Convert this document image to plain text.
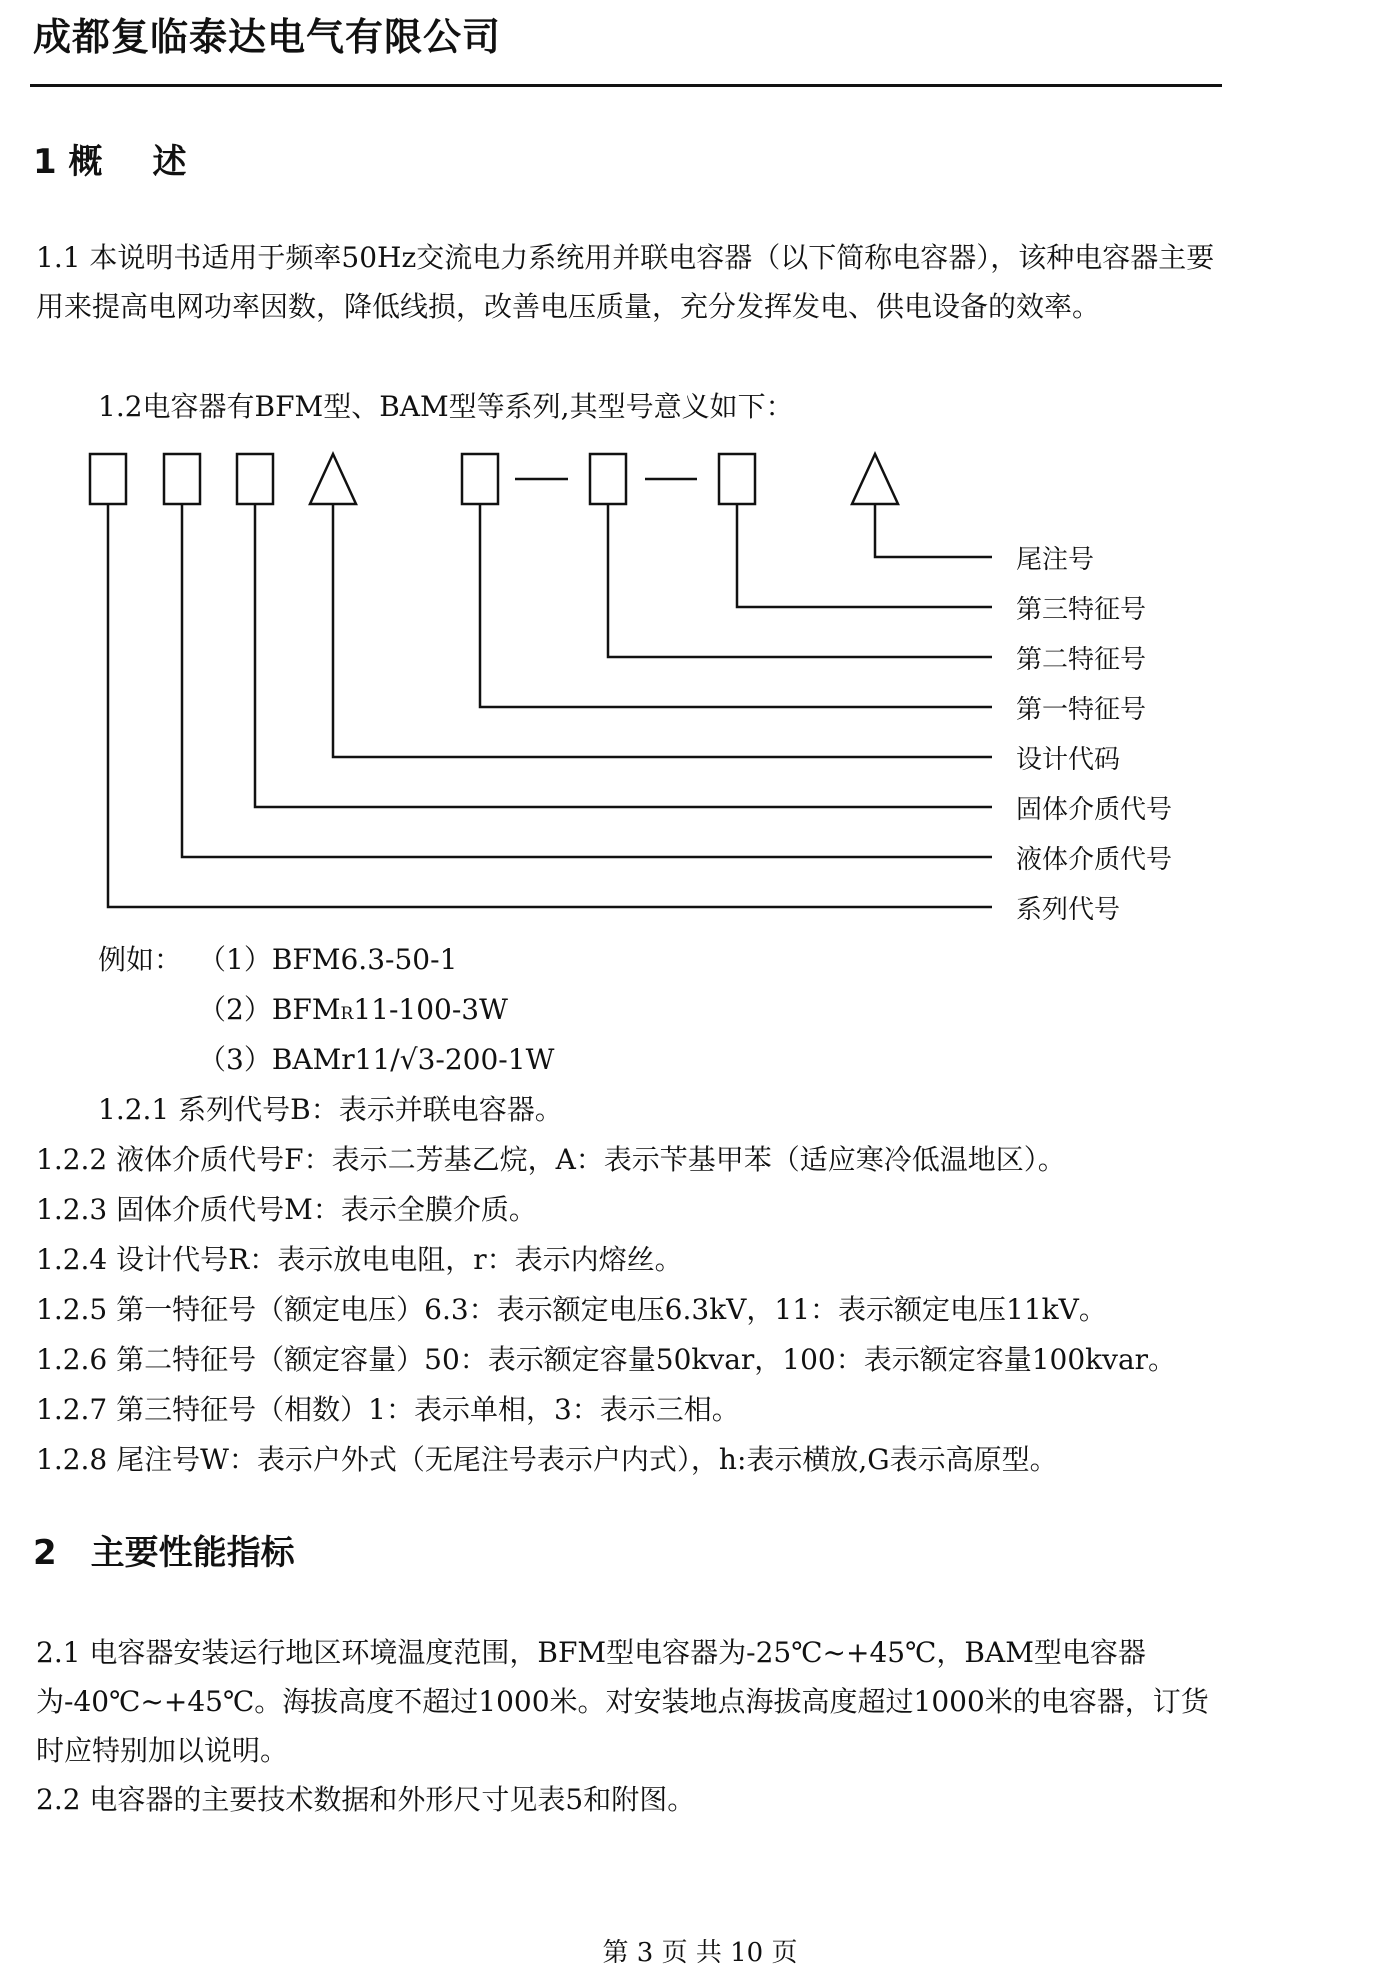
成都复临泰达电气有限公司
1 概 述
1.1 本说明书适用于频率50Hz交流电力系统用并联电容器（以下简称电容器），该种电容器主要用来提高电网功率因数，降低线损，改善电压质量，充分发挥发电、供电设备的效率。
1.2电容器有BFM型、BAM型等系列,其型号意义如下：
尾注号
第三特征号
第二特征号
第一特征号
设计代码
固体介质代号
液体介质代号
系列代号
例如： （1）BFM6.3-50-1
（2）BFMR11-100-3W
（3）BAMr11/√3-200-1W
1.2.1 系列代号B：表示并联电容器。
1.2.2 液体介质代号F：表示二芳基乙烷，A：表示苄基甲苯（适应寒冷低温地区）。
1.2.3 固体介质代号M：表示全膜介质。
1.2.4 设计代号R：表示放电电阻，r：表示内熔丝。
1.2.5 第一特征号（额定电压）6.3：表示额定电压6.3kV，11：表示额定电压11kV。
1.2.6 第二特征号（额定容量）50：表示额定容量50kvar，100：表示额定容量100kvar。
1.2.7 第三特征号（相数）1：表示单相，3：表示三相。
1.2.8 尾注号W：表示户外式（无尾注号表示户内式），h:表示横放,G表示高原型。
2　主要性能指标
2.1 电容器安装运行地区环境温度范围，BFM型电容器为-25℃~+45℃，BAM型电容器为-40℃~+45℃。海拔高度不超过1000米。对安装地点海拔高度超过1000米的电容器，订货时应特别加以说明。
2.2 电容器的主要技术数据和外形尺寸见表5和附图。
第 3 页 共 10 页
